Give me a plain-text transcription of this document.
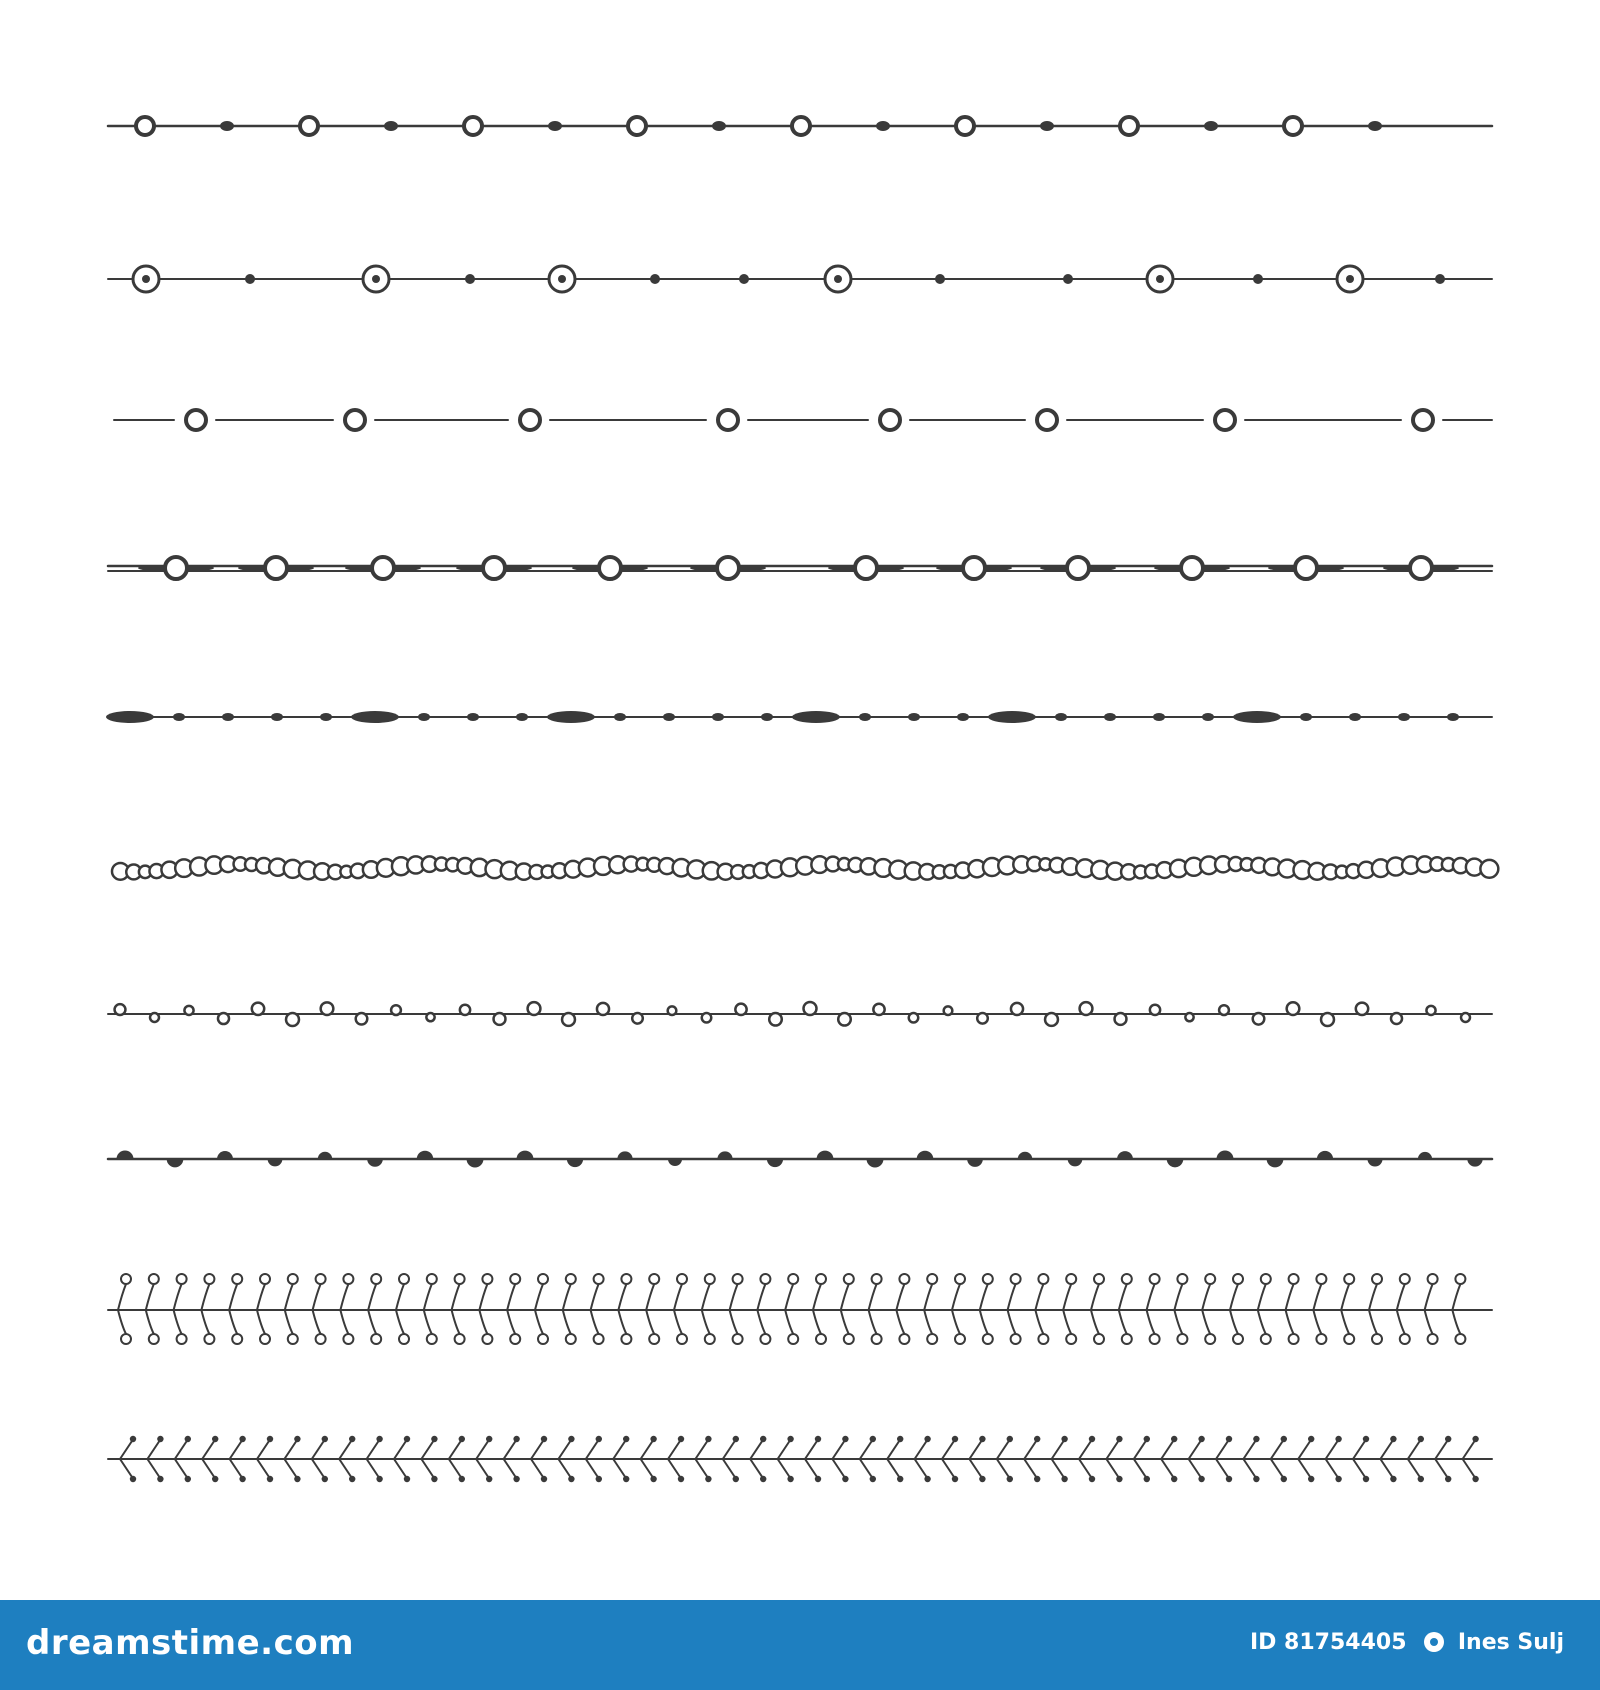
dreamstime.com	ID 81754405 Ines Sulj
